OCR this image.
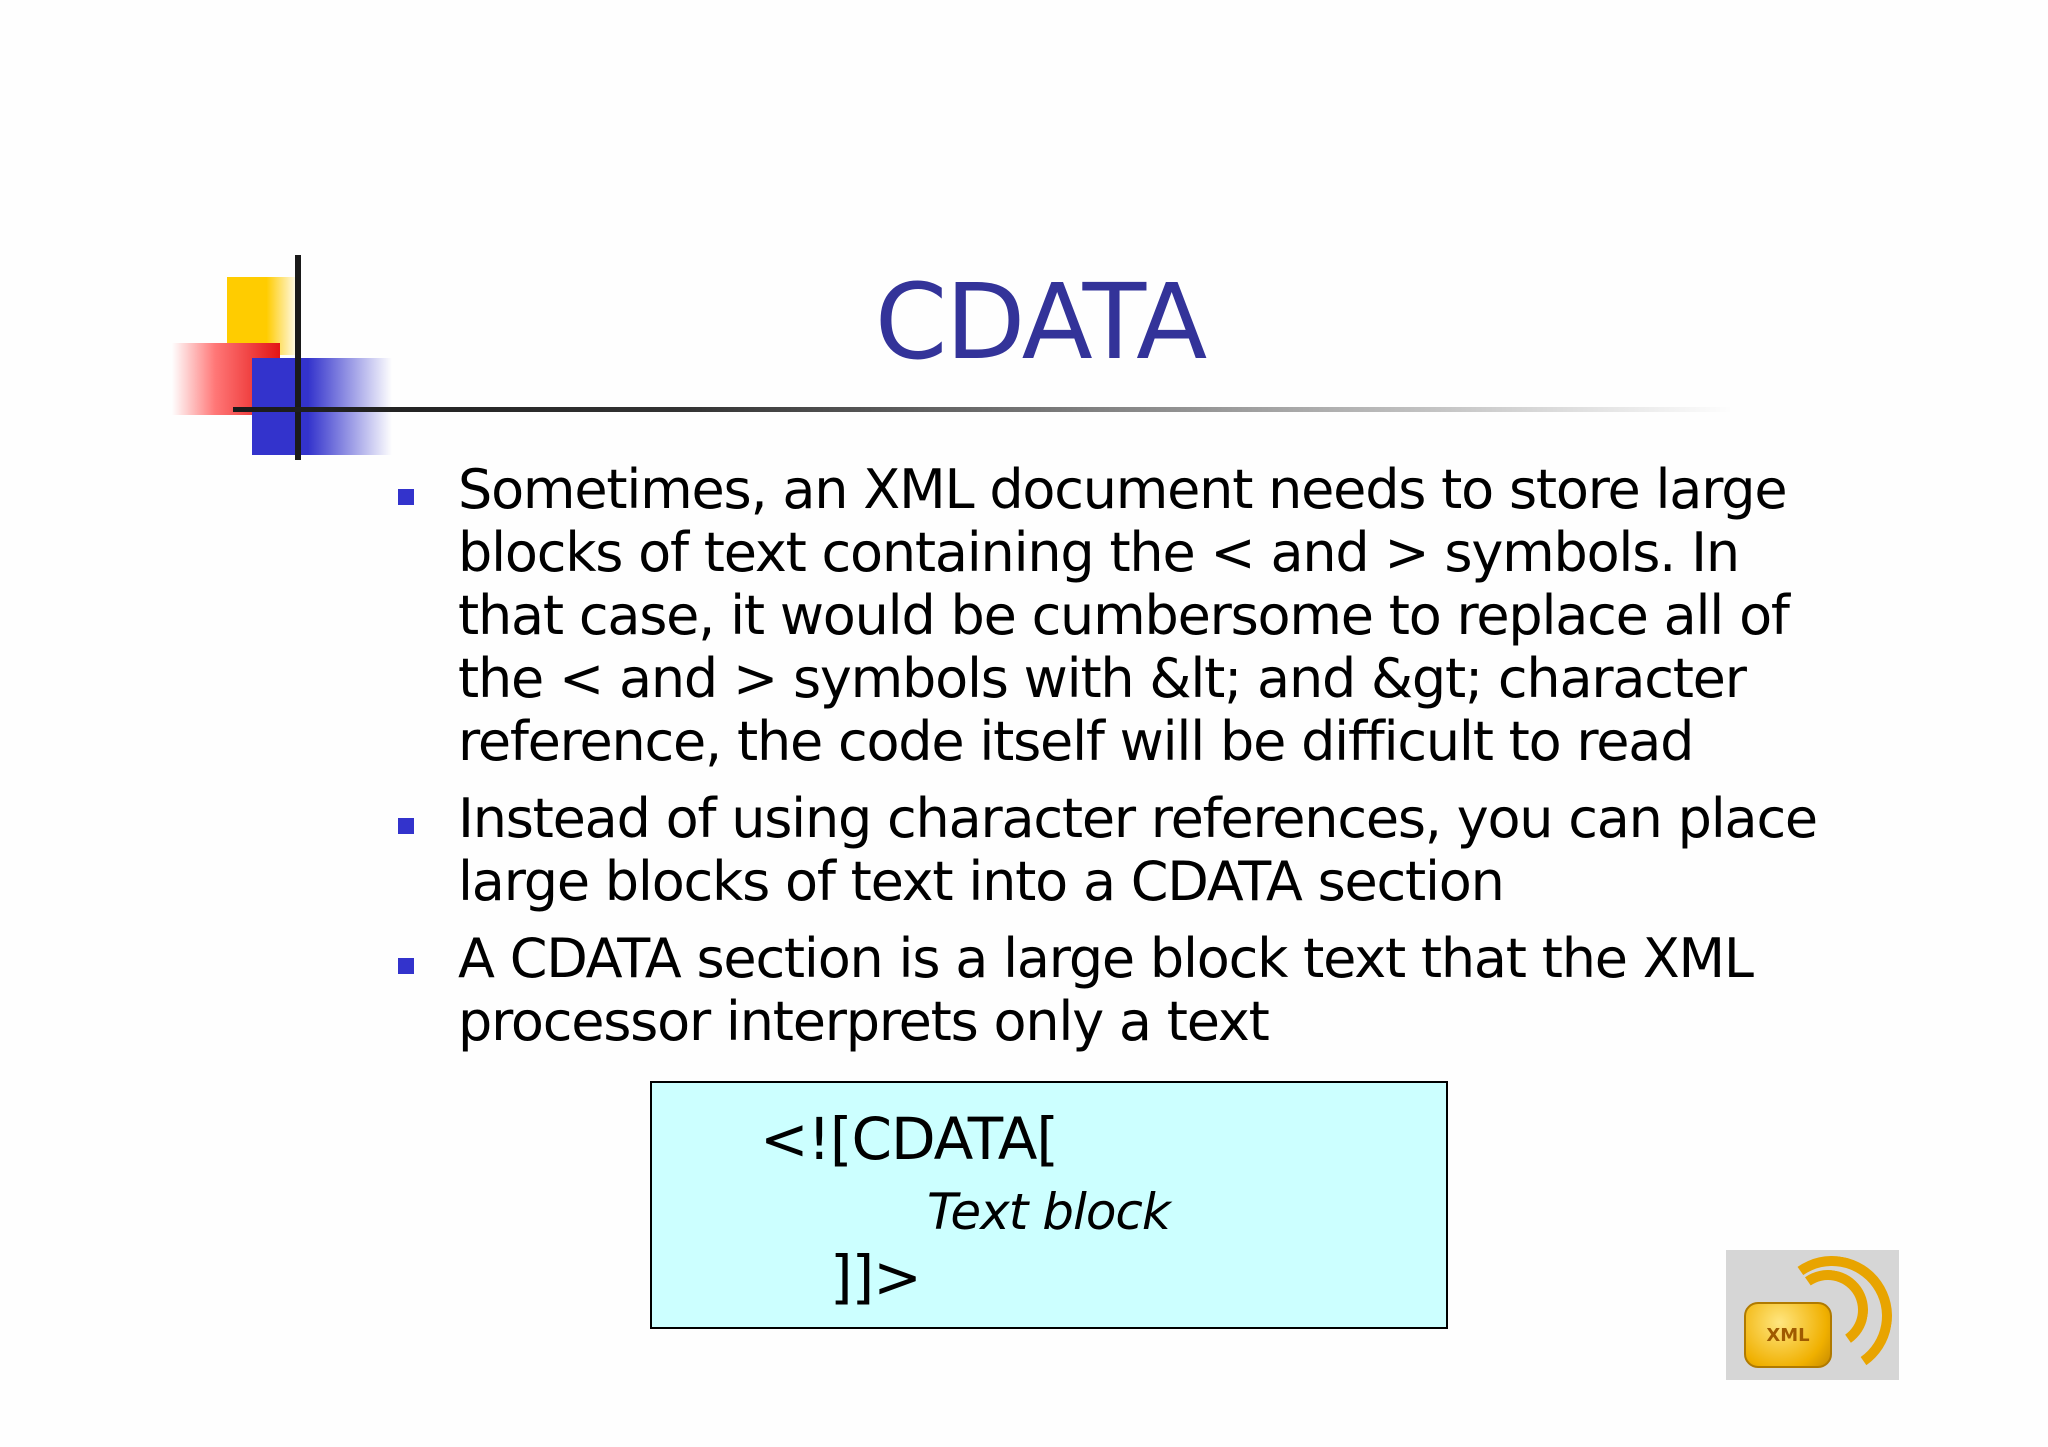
CDATA
Sometimes, an XML document needs to store large blocks of text containing the < and > symbols. In that case, it would be cumbersome to replace all of the < and > symbols with &lt; and &gt; character reference, the code itself will be difficult to read
Instead of using character references, you can place large blocks of text into a CDATA section
A CDATA section is a large block text that the XML processor interprets only a text
<![CDATA[
Text block
]]>
XML
